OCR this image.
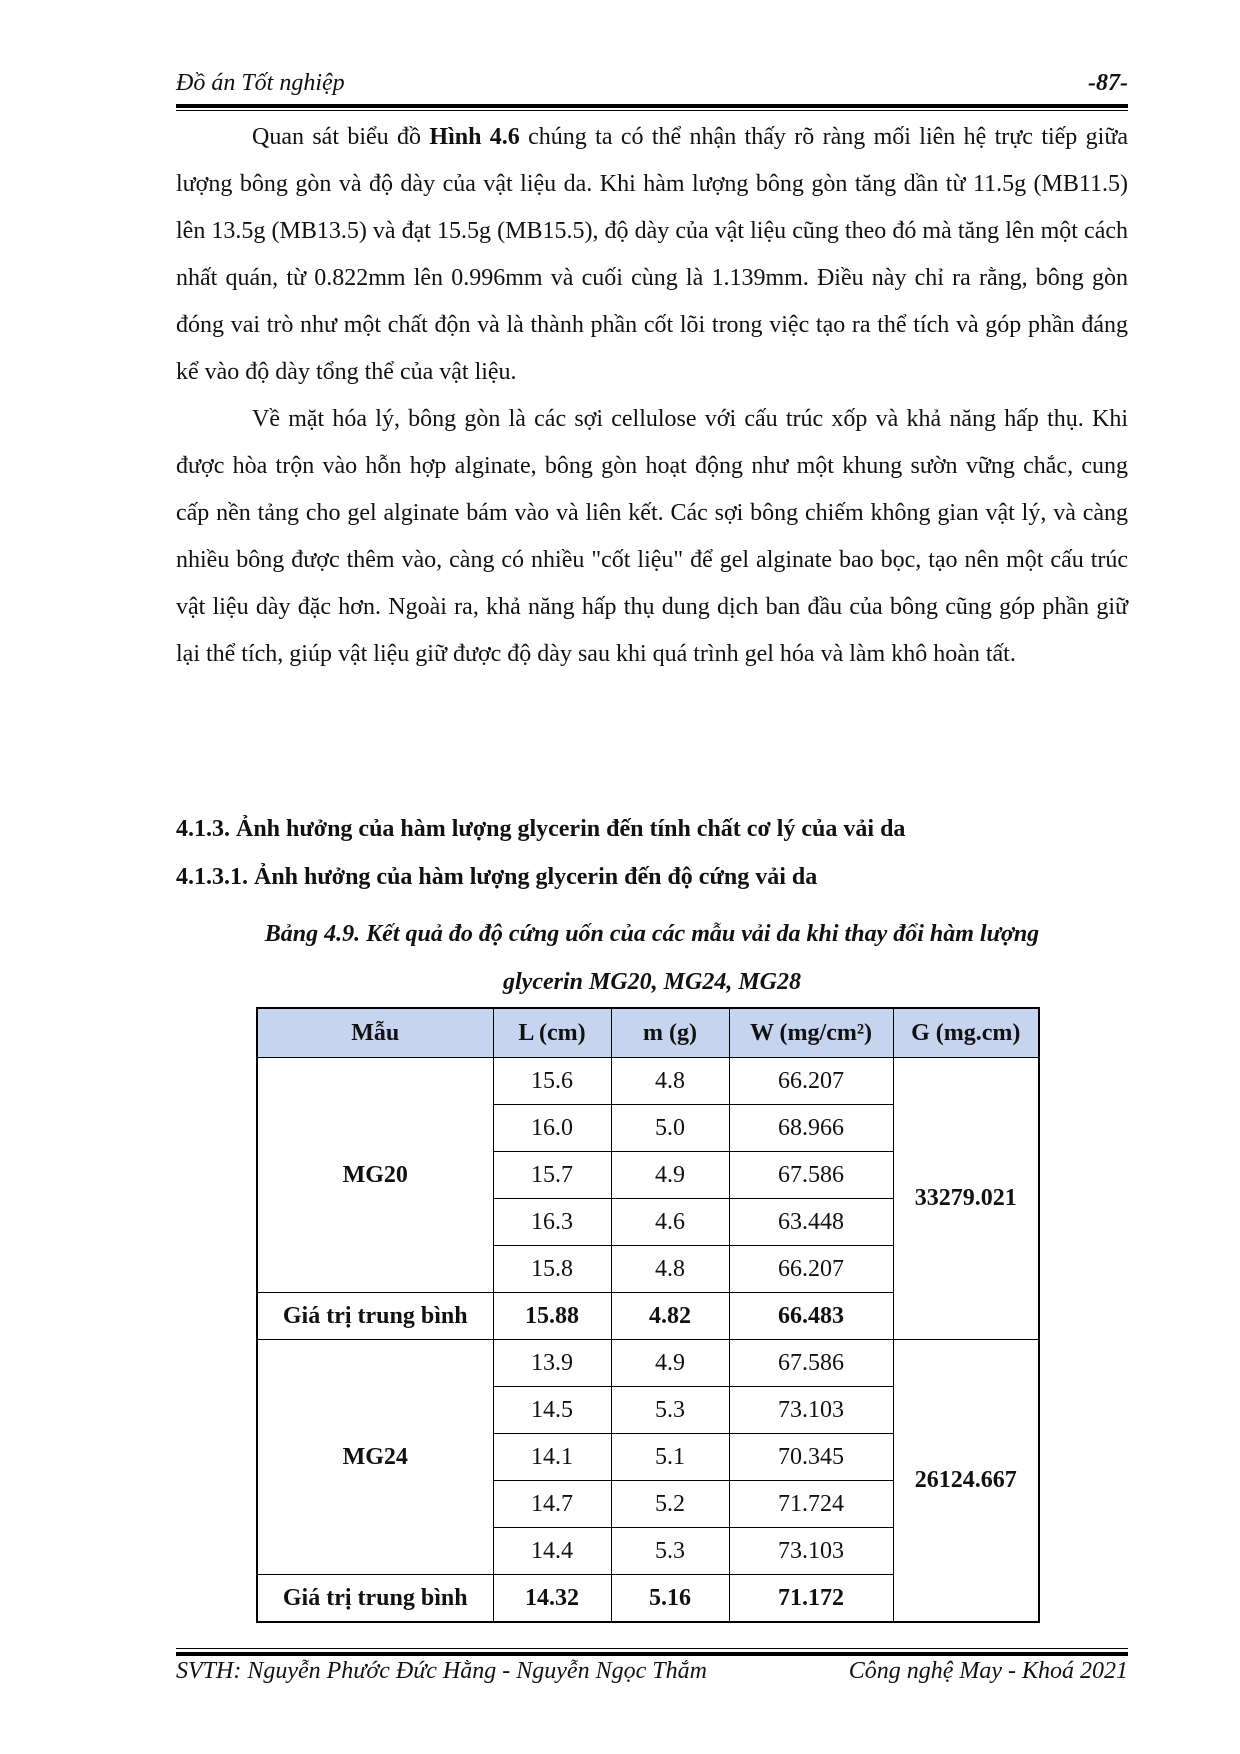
Đồ án Tốt nghiệp	-87-

Quan sát biểu đồ Hình 4.6 chúng ta có thể nhận thấy rõ ràng mối liên hệ trực tiếp giữa lượng bông gòn và độ dày của vật liệu da. Khi hàm lượng bông gòn tăng dần từ 11.5g (MB11.5) lên 13.5g (MB13.5) và đạt 15.5g (MB15.5), độ dày của vật liệu cũng theo đó mà tăng lên một cách nhất quán, từ 0.822mm lên 0.996mm và cuối cùng là 1.139mm. Điều này chỉ ra rằng, bông gòn đóng vai trò như một chất độn và là thành phần cốt lõi trong việc tạo ra thể tích và góp phần đáng kể vào độ dày tổng thể của vật liệu.

Về mặt hóa lý, bông gòn là các sợi cellulose với cấu trúc xốp và khả năng hấp thụ. Khi được hòa trộn vào hỗn hợp alginate, bông gòn hoạt động như một khung sườn vững chắc, cung cấp nền tảng cho gel alginate bám vào và liên kết. Các sợi bông chiếm không gian vật lý, và càng nhiều bông được thêm vào, càng có nhiều "cốt liệu" để gel alginate bao bọc, tạo nên một cấu trúc vật liệu dày đặc hơn. Ngoài ra, khả năng hấp thụ dung dịch ban đầu của bông cũng góp phần giữ lại thể tích, giúp vật liệu giữ được độ dày sau khi quá trình gel hóa và làm khô hoàn tất.

4.1.3. Ảnh hưởng của hàm lượng glycerin đến tính chất cơ lý của vải da
4.1.3.1. Ảnh hưởng của hàm lượng glycerin đến độ cứng vải da
Bảng 4.9. Kết quả đo độ cứng uốn của các mẫu vải da khi thay đổi hàm lượng
glycerin MG20, MG24, MG28
Mẫu	L (cm)	m (g)	W (mg/cm²)	G (mg.cm)
MG20	15.6	4.8	66.207	33279.021
	16.0	5.0	68.966	
	15.7	4.9	67.586	
	16.3	4.6	63.448	
	15.8	4.8	66.207	
Giá trị trung bình	15.88	4.82	66.483	
MG24	13.9	4.9	67.586	26124.667
	14.5	5.3	73.103	
	14.1	5.1	70.345	
	14.7	5.2	71.724	
	14.4	5.3	73.103	
Giá trị trung bình	14.32	5.16	71.172	
SVTH: Nguyễn Phước Đức Hằng - Nguyễn Ngọc Thắm	Công nghệ May - Khoá 2021
